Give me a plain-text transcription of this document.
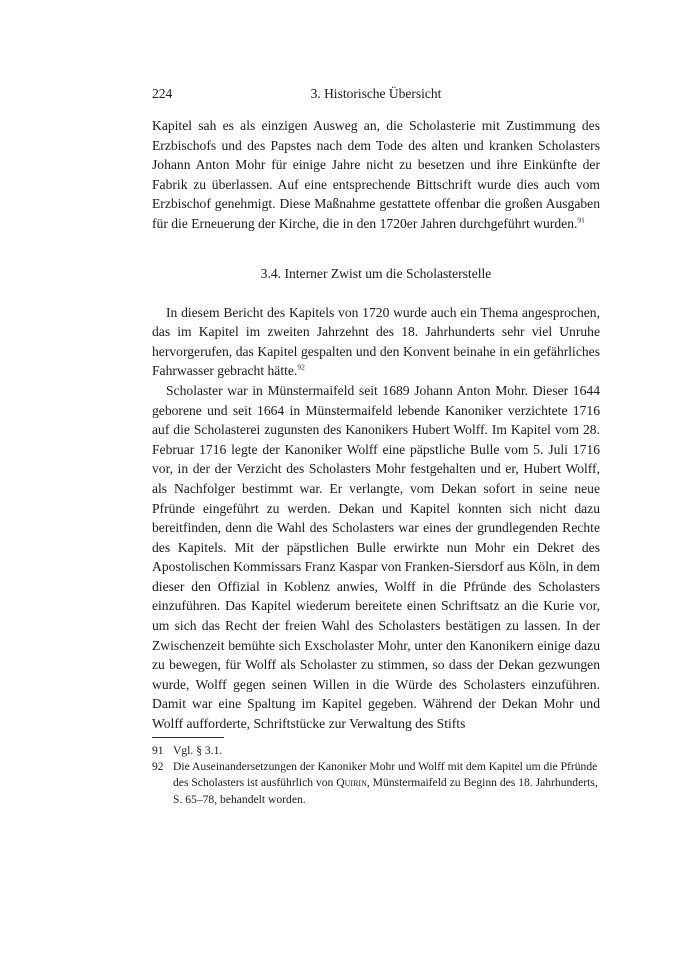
224	3. Historische Übersicht

Kapitel sah es als einzigen Ausweg an, die Scholasterie mit Zustimmung des Erzbischofs und des Papstes nach dem Tode des alten und kranken Scholasters Johann Anton Mohr für einige Jahre nicht zu besetzen und ihre Einkünfte der Fabrik zu überlassen. Auf eine entsprechende Bittschrift wurde dies auch vom Erzbischof genehmigt. Diese Maßnahme gestattete offenbar die großen Ausgaben für die Erneuerung der Kirche, die in den 1720er Jahren durchgeführt wurden.$^{91}$

3.4. Interner Zwist um die Scholasterstelle

In diesem Bericht des Kapitels von 1720 wurde auch ein Thema angesprochen, das im Kapitel im zweiten Jahrzehnt des 18. Jahrhunderts sehr viel Unruhe hervorgerufen, das Kapitel gespalten und den Konvent beinahe in ein gefährliches Fahrwasser gebracht hätte.$^{92}$

Scholaster war in Münstermaifeld seit 1689 Johann Anton Mohr. Dieser 1644 geborene und seit 1664 in Münstermaifeld lebende Kanoniker verzichtete 1716 auf die Scholasterei zugunsten des Kanonikers Hubert Wolff. Im Kapitel vom 28. Februar 1716 legte der Kanoniker Wolff eine päpstliche Bulle vom 5. Juli 1716 vor, in der der Verzicht des Scholasters Mohr festgehalten und er, Hubert Wolff, als Nachfolger bestimmt war. Er verlangte, vom Dekan sofort in seine neue Pfründe eingeführt zu werden. Dekan und Kapitel konnten sich nicht dazu bereitfinden, denn die Wahl des Scholasters war eines der grundlegenden Rechte des Kapitels. Mit der päpstlichen Bulle erwirkte nun Mohr ein Dekret des Apostolischen Kommissars Franz Kaspar von Franken-Siersdorf aus Köln, in dem dieser den Offizial in Koblenz anwies, Wolff in die Pfründe des Scholasters einzuführen. Das Kapitel wiederum bereitete einen Schriftsatz an die Kurie vor, um sich das Recht der freien Wahl des Scholasters bestätigen zu lassen. In der Zwischenzeit bemühte sich Exscholaster Mohr, unter den Kanonikern einige dazu zu bewegen, für Wolff als Scholaster zu stimmen, so dass der Dekan gezwungen wurde, Wolff gegen seinen Willen in die Würde des Scholasters einzuführen. Damit war eine Spaltung im Kapitel gegeben. Während der Dekan Mohr und Wolff aufforderte, Schriftstücke zur Verwaltung des Stifts

91 Vgl. § 3.1.
92 Die Auseinandersetzungen der Kanoniker Mohr und Wolff mit dem Kapitel um die Pfründe des Scholasters ist ausführlich von Quirin, Münstermaifeld zu Beginn des 18. Jahrhunderts, S. 65–78, behandelt worden.
